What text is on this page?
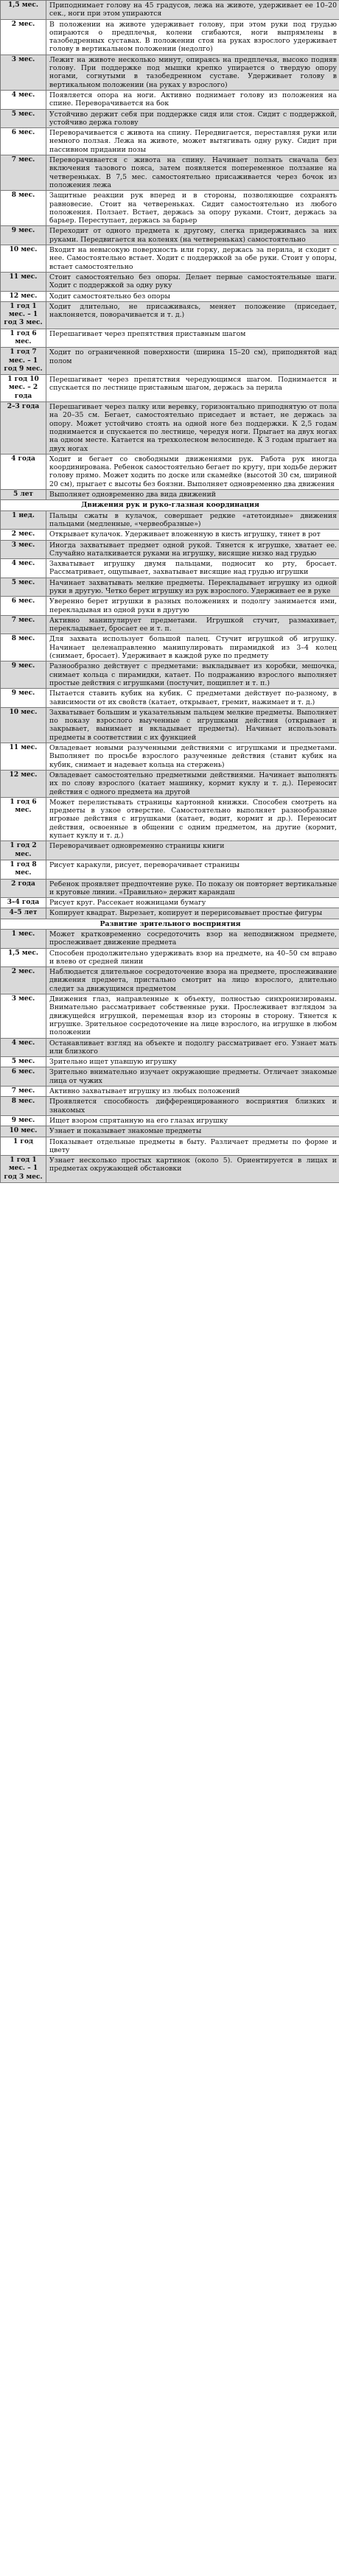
1,5 мес.	Приподнимает голову на 45 градусов, лежа на животе, удерживает ее 10–20 сек., ноги при этом упираются
2 мес.	В положении на животе удерживает голову, при этом руки под грудью опираются о предплечья, колени сгибаются, ноги выпрямлены в тазобедренных суставах. В положении стоя на руках взрослого удерживает голову в вертикальном положении (недолго)
3 мес.	Лежит на животе несколько минут, опираясь на предплечья, высоко подняв голову. При поддержке под мышки крепко упирается о твердую опору ногами, согнутыми в тазобедренном суставе. Удерживает голову в вертикальном положении (на руках у взрослого)
4 мес.	Появляется опора на ноги. Активно поднимает голову из положения на спине. Переворачивается на бок
5 мес.	Устойчиво держит себя при поддержке сидя или стоя. Сидит с поддержкой, устойчиво держа голову
6 мес.	Переворачивается с живота на спину. Передвигается, переставляя руки или немного ползая. Лежа на животе, может вытягивать одну руку. Сидит при пассивном придании позы
7 мес.	Переворачивается с живота на спину. Начинает ползать сначала без включения тазового пояса, затем появляется попеременное ползание на четвереньках. В 7,5 мес. самостоятельно присаживается через бочок из положения лежа
8 мес.	Защитные реакции рук вперед и в стороны, позволяющие сохранять равновесие. Стоит на четвереньках. Сидит самостоятельно из любого положения. Ползает. Встает, держась за опору руками. Стоит, держась за барьер. Переступает, держась за барьер
9 мес.	Переходит от одного предмета к другому, слегка придерживаясь за них руками. Передвигается на коленях (на четвереньках) самостоятельно
10 мес.	Входит на невысокую поверхность или горку, держась за перила, и сходит с нее. Самостоятельно встает. Ходит с поддержкой за обе руки. Стоит у опоры, встает самостоятельно
11 мес.	Стоит самостоятельно без опоры. Делает первые самостоятельные шаги. Ходит с поддержкой за одну руку
12 мес.	Ходит самостоятельно без опоры
1 год 1 мес. – 1 год 3 мес.	Ходит длительно, не присаживаясь, меняет положение (приседает, наклоняется, поворачивается и т. д.)
1 год 6 мес.	Перешагивает через препятствия приставным шагом
1 год 7 мес. – 1 год 9 мес.	Ходит по ограниченной поверхности (ширина 15–20 см), приподнятой над полом
1 год 10 мес. – 2 года	Перешагивает через препятствия чередующимся шагом. Поднимается и спускается по лестнице приставным шагом, держась за перила
2–3 года	Перешагивает через палку или веревку, горизонтально приподнятую от пола на 20–35 см. Бегает, самостоятельно приседает и встает, не держась за опору. Может устойчиво стоять на одной ноге без поддержки. К 2,5 годам поднимается и спускается по лестнице, чередуя ноги. Прыгает на двух ногах на одном месте. Катается на трехколесном велосипеде. К 3 годам прыгает на двух ногах
4 года	Ходит и бегает со свободными движениями рук. Работа рук иногда координирована. Ребенок самостоятельно бегает по кругу, при ходьбе держит голову прямо. Может ходить по доске или скамейке (высотой 30 см, шириной 20 см), прыгает с высоты без боязни. Выполняет одновременно два движения
5 лет	Выполняет одновременно два вида движений
Движения рук и руко-глазная координация	
1 нед.	Пальцы сжаты в кулачок, совершает редкие «атетоидные» движения пальцами (медленные, «червеобразные»)
2 мес.	Открывает кулачок. Удерживает вложенную в кисть игрушку, тянет в рот
3 мес.	Иногда захватывает предмет одной рукой. Тянется к игрушке, хватает ее. Случайно наталкивается руками на игрушку, висящие низко над грудью
4 мес.	Захватывает игрушку двумя пальцами, подносит ко рту, бросает. Рассматривает, ощупывает, захватывает висящие над грудью игрушки
5 мес.	Начинает захватывать мелкие предметы. Перекладывает игрушку из одной руки в другую. Четко берет игрушку из рук взрослого. Удерживает ее в руке
6 мес.	Уверенно берет игрушки в разных положениях и подолгу занимается ими, перекладывая из одной руки в другую
7 мес.	Активно манипулирует предметами. Игрушкой стучит, размахивает, перекладывает, бросает ее и т. п.
8 мес.	Для захвата использует большой палец. Стучит игрушкой об игрушку. Начинает целенаправленно манипулировать пирамидкой из 3–4 колец (снимает, бросает). Удерживает в каждой руке по предмету
9 мес.	Разнообразно действует с предметами: выкладывает из коробки, мешочка, снимает кольца с пирамидки, катает. По подражанию взрослого выполняет простые действия с игрушками (постучит, пощиплет и т. п.)
9 мес.	Пытается ставить кубик на кубик. С предметами действует по-разному, в зависимости от их свойств (катает, открывает, гремит, нажимает и т. д.)
10 мес.	Захватывает большим и указательным пальцем мелкие предметы. Выполняет по показу взрослого выученные с игрушками действия (открывает и закрывает, вынимает и вкладывает предметы). Начинает использовать предметы в соответствии с их функцией
11 мес.	Овладевает новыми разученными действиями с игрушками и предметами. Выполняет по просьбе взрослого разученные действия (ставит кубик на кубик, снимает и надевает кольца на стержень)
12 мес.	Овладевает самостоятельно предметными действиями. Начинает выполнять их по слову взрослого (катает машинку, кормит куклу и т. д.). Переносит действия с одного предмета на другой
1 год 6 мес.	Может перелистывать страницы картонной книжки. Способен смотреть на предметы в узкое отверстие. Самостоятельно выполняет разнообразные игровые действия с игрушками (катает, водит, кормит и др.). Переносит действия, освоенные в общении с одним предметом, на другие (кормит, купает куклу и т. д.)
1 год 2 мес.	Переворачивает одновременно страницы книги
1 год 8 мес.	Рисует каракули, рисует, переворачивает страницы
2 года	Ребенок проявляет предпочтение руке. По показу он повторяет вертикальные и круговые линии. «Правильно» держит карандаш
3–4 года	Рисует круг. Рассекает ножницами бумагу
4–5 лет	Копирует квадрат. Вырезает, копирует и перерисовывает простые фигуры
Развитие зрительного восприятия	
1 мес.	Может кратковременно сосредоточить взор на неподвижном предмете, прослеживает движение предмета
1,5 мес.	Способен продолжительно удерживать взор на предмете, на 40–50 см вправо и влево от средней линии
2 мес.	Наблюдается длительное сосредоточение взора на предмете, прослеживание движения предмета, пристально смотрит на лицо взрослого, длительно следит за движущимся предметом
3 мес.	Движения глаз, направленные к объекту, полностью синхронизированы. Внимательно рассматривает собственные руки. Прослеживает взглядом за движущейся игрушкой, перемещая взор из стороны в сторону. Тянется к игрушке. Зрительное сосредоточение на лице взрослого, на игрушке в любом положении
4 мес.	Останавливает взгляд на объекте и подолгу рассматривает его. Узнает мать или близкого
5 мес.	Зрительно ищет упавшую игрушку
6 мес.	Зрительно внимательно изучает окружающие предметы. Отличает знакомые лица от чужих
7 мес.	Активно захватывает игрушку из любых положений
8 мес.	Проявляется способность дифференцированного восприятия близких и знакомых
9 мес.	Ищет взором спрятанную на его глазах игрушку
10 мес.	Узнает и показывает знакомые предметы
1 год	Показывает отдельные предметы в быту. Различает предметы по форме и цвету
1 год 1 мес. – 1 год 3 мес.	Узнает несколько простых картинок (около 5). Ориентируется в лицах и предметах окружающей обстановки
